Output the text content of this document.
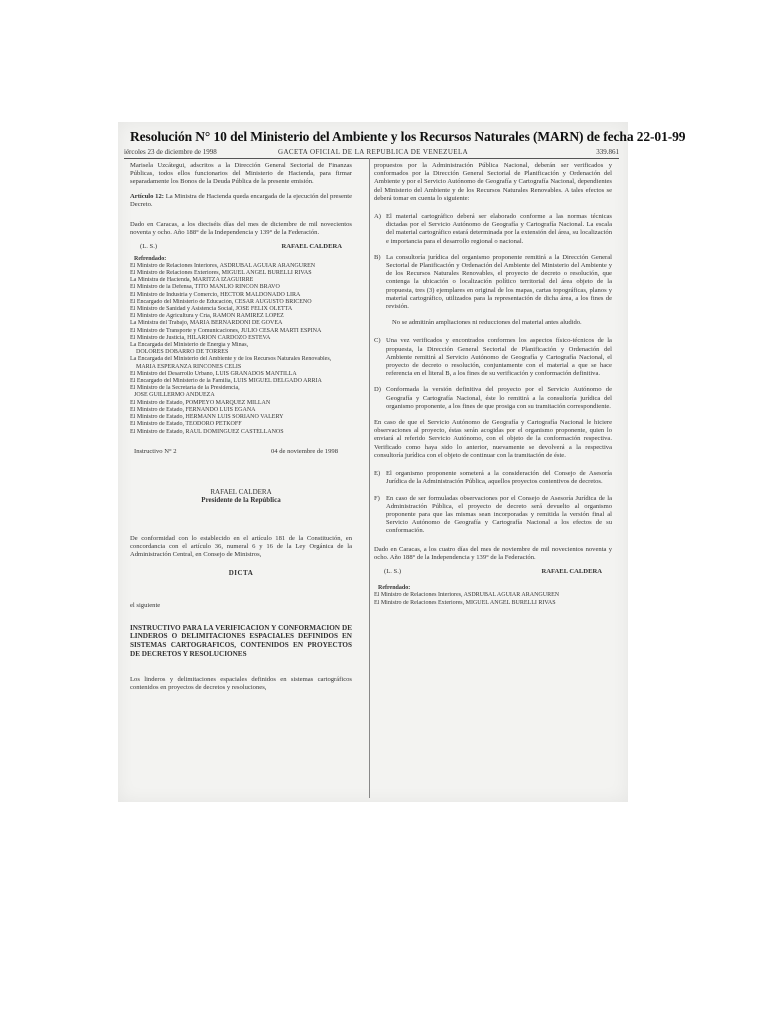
Resolución N° 10 del Ministerio del Ambiente y los Recursos Naturales (MARN) de fecha 22-01-99
iércoles 23 de diciembre de 1998	GACETA OFICIAL DE LA REPUBLICA DE VENEZUELA	339.861

Marisela Uzcátegui, adscritos a la Dirección General Sectorial de Finanzas Públicas, todos ellos funcionarios del Ministerio de Hacienda, para firmar separadamente los Bonos de la Deuda Pública de la presente emisión.

Artículo 12: La Ministra de Hacienda queda encargada de la ejecución del presente Decreto.

Dado en Caracas, a los dieciséis días del mes de diciembre de mil novecientos noventa y ocho. Año 188° de la Independencia y 139° de la Federación.

(L. S.)	RAFAEL CALDERA
Refrendado:
El Ministro de Relaciones Interiores, ASDRUBAL AGUIAR ARANGUREN
El Ministro de Relaciones Exteriores, MIGUEL ANGEL BURELLI RIVAS
La Ministra de Hacienda, MARITZA IZAGUIRRE
El Ministro de la Defensa, TITO MANLIO RINCON BRAVO
El Ministro de Industria y Comercio, HECTOR MALDONADO LIRA
El Encargado del Ministerio de Educación, CESAR AUGUSTO BRICEÑO
El Ministro de Sanidad y Asistencia Social, JOSE FELIX OLETTA
El Ministro de Agricultura y Cría, RAMON RAMIREZ LOPEZ
La Ministra del Trabajo, MARIA BERNARDONI DE GOVEA
El Ministro de Transporte y Comunicaciones, JULIO CESAR MARTI ESPINA
El Ministro de Justicia, HILARION CARDOZO ESTEVA
La Encargada del Ministerio de Energía y Minas,
DOLORES DOBARRO DE TORRES
La Encargada del Ministerio del Ambiente y de los Recursos Naturales Renovables,
MARIA ESPERANZA RINCONES CELIS
El Ministro del Desarrollo Urbano, LUIS GRANADOS MANTILLA
El Encargado del Ministerio de la Familia, LUIS MIGUEL DELGADO ARRIA
El Ministro de la Secretaría de la Presidencia,
JOSE GUILLERMO ANDUEZA
El Ministro de Estado, POMPEYO MARQUEZ MILLAN
El Ministro de Estado, FERNANDO LUIS EGAÑA
El Ministro de Estado, HERMANN LUIS SORIANO VALERY
El Ministro de Estado, TEODORO PETKOFF
El Ministro de Estado, RAUL DOMINGUEZ CASTELLANOS
Instructivo N° 2	04 de noviembre de 1998
RAFAEL CALDERA
Presidente de la República

De conformidad con lo establecido en el artículo 181 de la Constitución, en concordancia con el artículo 36, numeral 6 y 16 de la Ley Orgánica de la Administración Central, en Consejo de Ministros,

DICTA

el siguiente

INSTRUCTIVO PARA LA VERIFICACION Y CONFORMACION DE LINDEROS O DELIMITACIONES ESPACIALES DEFINIDOS EN SISTEMAS CARTOGRAFICOS, CONTENIDOS EN PROYECTOS DE DECRETOS Y RESOLUCIONES

Los linderos y delimitaciones espaciales definidos en sistemas cartográficos contenidos en proyectos de decretos y resoluciones,

propuestos por la Administración Pública Nacional, deberán ser verificados y conformados por la Dirección General Sectorial de Planificación y Ordenación del Ambiente y por el Servicio Autónomo de Geografía y Cartografía Nacional, dependientes del Ministerio del Ambiente y de los Recursos Naturales Renovables. A tales efectos se deberá tomar en cuenta lo siguiente:

A) El material cartográfico deberá ser elaborado conforme a las normas técnicas dictadas por el Servicio Autónomo de Geografía y Cartografía Nacional. La escala del material cartográfico estará determinada por la extensión del área, su localización e importancia para el desarrollo regional o nacional.
B) La consultoría jurídica del organismo proponente remitirá a la Dirección General Sectorial de Planificación y Ordenación del Ambiente del Ministerio del Ambiente y de los Recursos Naturales Renovables, el proyecto de decreto o resolución, que contenga la ubicación o localización político territorial del área objeto de la propuesta, tres (3) ejemplares en original de los mapas, cartas topográficas, planos y material cartográfico, utilizados para la representación de dicha área, a los fines de revisión.

No se admitirán ampliaciones ni reducciones del material antes aludido.

C) Una vez verificados y encontrados conformes los aspectos físico-técnicos de la propuesta, la Dirección General Sectorial de Planificación y Ordenación del Ambiente remitirá al Servicio Autónomo de Geografía y Cartografía Nacional, el proyecto de decreto o resolución, conjuntamente con el material a que se hace referencia en el literal B, a los fines de su verificación y conformación definitiva.
D) Conformada la versión definitiva del proyecto por el Servicio Autónomo de Geografía y Cartografía Nacional, éste lo remitirá a la consultoría jurídica del organismo proponente, a los fines de que prosiga con su tramitación correspondiente.

En caso de que el Servicio Autónomo de Geografía y Cartografía Nacional le hiciere observaciones al proyecto, éstas serán acogidas por el organismo proponente, quien lo enviará al referido Servicio Autónomo, con el objeto de la conformación respectiva. Verificado como haya sido lo anterior, nuevamente se devolverá a la respectiva consultoría jurídica con el objeto de continuar con la tramitación de éste.

E) El organismo proponente someterá a la consideración del Consejo de Asesoría Jurídica de la Administración Pública, aquellos proyectos contentivos de decretos.
F) En caso de ser formuladas observaciones por el Consejo de Asesoría Jurídica de la Administración Pública, el proyecto de decreto será devuelto al organismo proponente para que las mismas sean incorporadas y remitida la versión final al Servicio Autónomo de Geografía y Cartografía Nacional a los efectos de su conformación.

Dado en Caracas, a los cuatro días del mes de noviembre de mil novecientos noventa y ocho. Año 188° de la Independencia y 139° de la Federación.

(L. S.)	RAFAEL CALDERA
Refrendado:
El Ministro de Relaciones Interiores, ASDRUBAL AGUIAR ARANGUREN
El Ministro de Relaciones Exteriores, MIGUEL ANGEL BURELLI RIVAS
